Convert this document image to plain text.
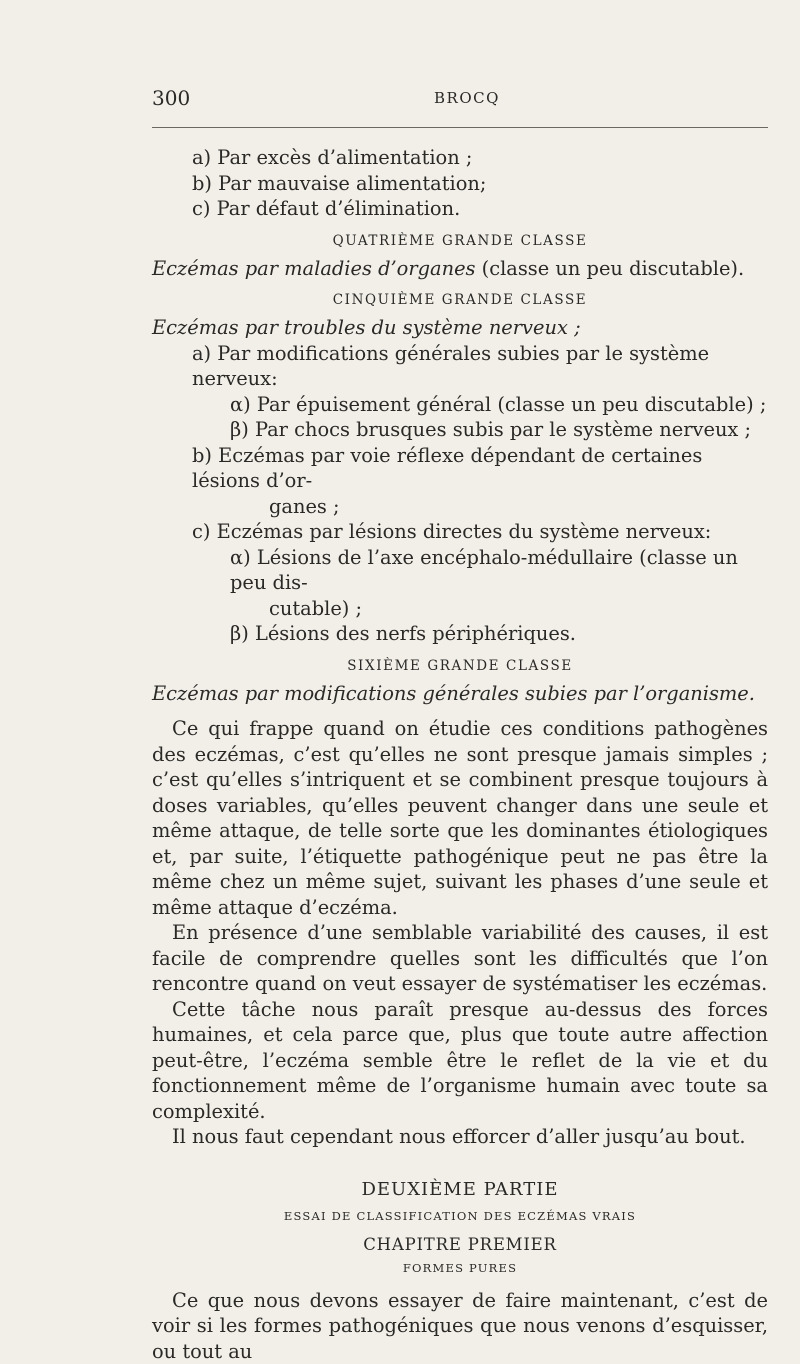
300	BROCQ

a) Par excès d’alimentation ;

b) Par mauvaise alimentation;

c) Par défaut d’élimination.

QUATRIÈME GRANDE CLASSE

Eczémas par maladies d’organes (classe un peu discutable).

CINQUIÈME GRANDE CLASSE

Eczémas par troubles du système nerveux ;

a) Par modifications générales subies par le système nerveux:

α) Par épuisement général (classe un peu discutable) ;

β) Par chocs brusques subis par le système nerveux ;

b) Eczémas par voie réflexe dépendant de certaines lésions d’or-

ganes ;

c) Eczémas par lésions directes du système nerveux:

α) Lésions de l’axe encéphalo-médullaire (classe un peu dis-

cutable) ;

β) Lésions des nerfs périphériques.

SIXIÈME GRANDE CLASSE

Eczémas par modifications générales subies par l’organisme.

Ce qui frappe quand on étudie ces conditions pathogènes des eczémas, c’est qu’elles ne sont presque jamais simples ; c’est qu’elles s’intriquent et se combinent presque toujours à doses variables, qu’elles peuvent changer dans une seule et même attaque, de telle sorte que les dominantes étiologiques et, par suite, l’étiquette pathogénique peut ne pas être la même chez un même sujet, suivant les phases d’une seule et même attaque d’eczéma.

En présence d’une semblable variabilité des causes, il est facile de comprendre quelles sont les difficultés que l’on rencontre quand on veut essayer de systématiser les eczémas.

Cette tâche nous paraît presque au-dessus des forces humaines, et cela parce que, plus que toute autre affection peut-être, l’eczéma semble être le reflet de la vie et du fonctionnement même de l’organisme humain avec toute sa complexité.

Il nous faut cependant nous efforcer d’aller jusqu’au bout.

DEUXIÈME PARTIE

ESSAI DE CLASSIFICATION DES ECZÉMAS VRAIS

CHAPITRE PREMIER

FORMES PURES

Ce que nous devons essayer de faire maintenant, c’est de voir si les formes pathogéniques que nous venons d’esquisser, ou tout au
